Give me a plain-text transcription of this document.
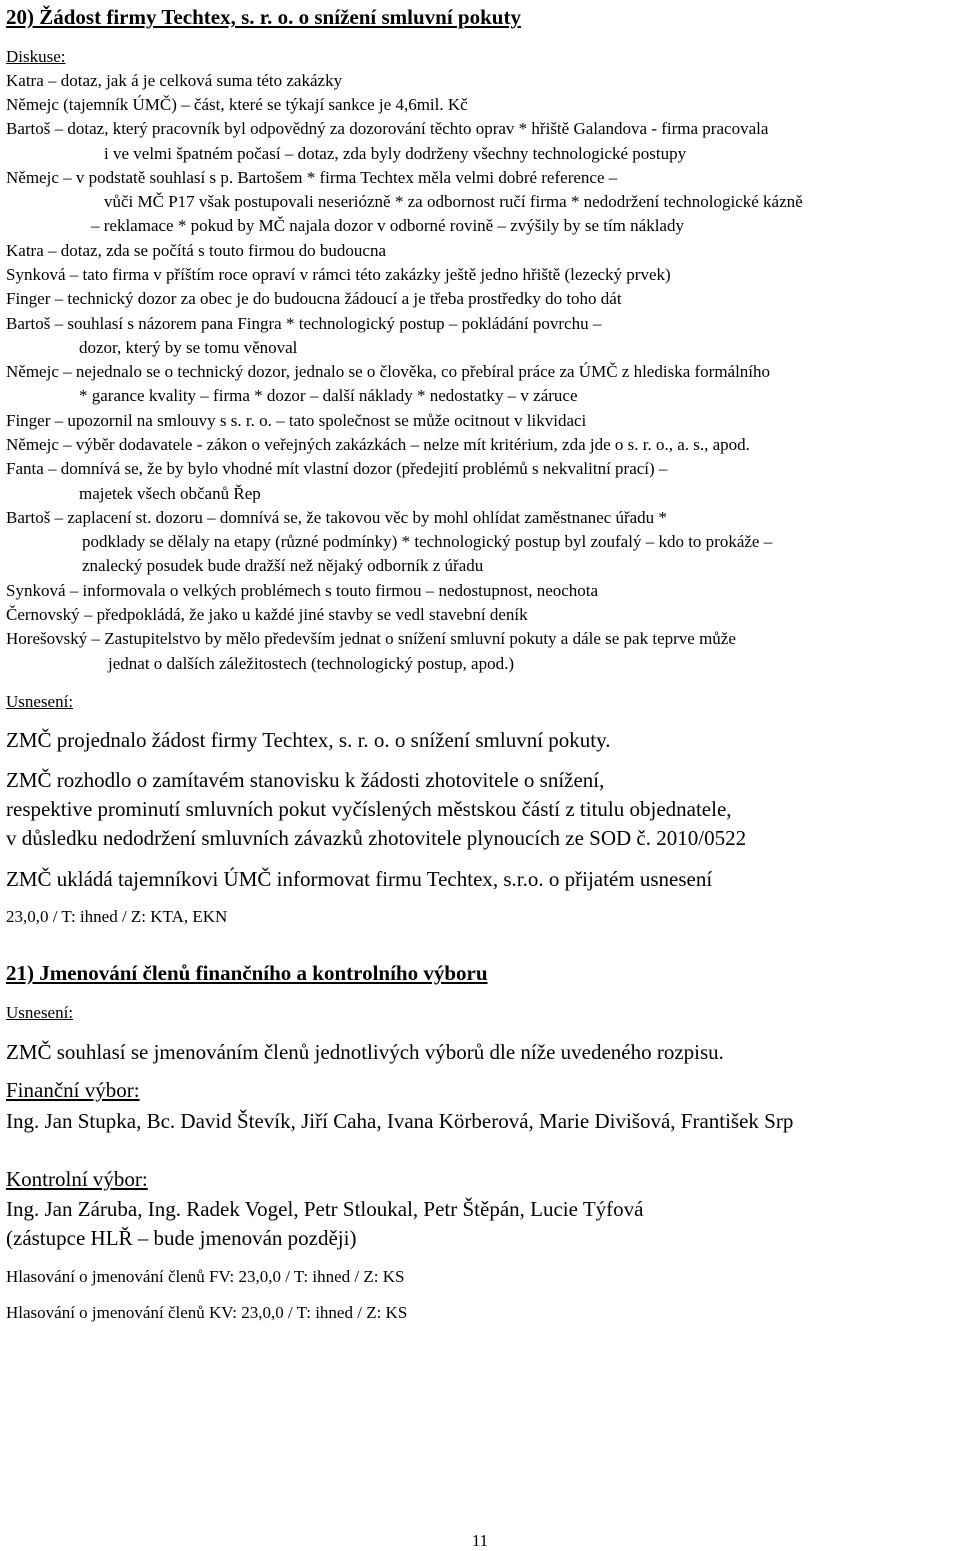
20) Žádost firmy Techtex, s. r. o. o snížení smluvní pokuty
Diskuse:
Katra – dotaz, jak á je celková suma této zakázky
Němejc (tajemník ÚMČ) – část, které se týkají sankce je 4,6mil. Kč
Bartoš – dotaz, který pracovník byl odpovědný za dozorování těchto oprav * hřiště Galandova - firma pracovala
i ve velmi špatném počasí – dotaz, zda byly dodrženy všechny technologické postupy
Němejc – v podstatě souhlasí s p. Bartošem * firma Techtex měla velmi dobré reference –
vůči MČ P17 však postupovali neseriózně * za odbornost ručí firma * nedodržení technologické kázně
– reklamace * pokud by MČ najala dozor v odborné rovině – zvýšily by se tím náklady
Katra – dotaz, zda se počítá s touto firmou do budoucna
Synková – tato firma v příštím roce opraví v rámci této zakázky ještě jedno hřiště (lezecký prvek)
Finger – technický dozor za obec je do budoucna žádoucí a je třeba prostředky do toho dát
Bartoš – souhlasí s názorem pana Fingra * technologický postup – pokládání povrchu –
dozor, který by se tomu věnoval
Němejc – nejednalo se o technický dozor, jednalo se o člověka, co přebíral práce za ÚMČ z hlediska formálního
* garance kvality – firma * dozor – další náklady * nedostatky – v záruce
Finger – upozornil na smlouvy s s. r. o. – tato společnost se může ocitnout v likvidaci
Němejc – výběr dodavatele - zákon o veřejných zakázkách – nelze mít kritérium, zda jde o s. r. o., a. s., apod.
Fanta – domnívá se, že by bylo vhodné mít vlastní dozor (předejití problémů s nekvalitní prací) –
majetek všech občanů Řep
Bartoš – zaplacení st. dozoru – domnívá se, že takovou věc by mohl ohlídat zaměstnanec úřadu *
podklady se dělaly na etapy (různé podmínky) * technologický postup byl zoufalý – kdo to prokáže –
znalecký posudek bude dražší než nějaký odborník z úřadu
Synková – informovala o velkých problémech s touto firmou – nedostupnost, neochota
Černovský – předpokládá, že jako u každé jiné stavby se vedl stavební deník
Horešovský – Zastupitelstvo by mělo především jednat o snížení smluvní pokuty a dále se pak teprve může
jednat o dalších záležitostech (technologický postup, apod.)
Usnesení:
ZMČ projednalo žádost firmy Techtex, s. r. o. o snížení smluvní pokuty.
ZMČ rozhodlo o zamítavém stanovisku k žádosti zhotovitele o snížení,
respektive prominutí smluvních pokut vyčíslených městskou částí z titulu objednatele,
v důsledku nedodržení smluvních závazků zhotovitele plynoucích ze SOD č. 2010/0522
ZMČ ukládá tajemníkovi ÚMČ informovat firmu Techtex, s.r.o. o přijatém usnesení
23,0,0 / T: ihned / Z: KTA, EKN
21) Jmenování členů finančního a kontrolního výboru
Usnesení:
ZMČ souhlasí se jmenováním členů jednotlivých výborů dle níže uvedeného rozpisu.
Finanční výbor:
Ing. Jan Stupka, Bc. David Števík, Jiří Caha, Ivana Körberová, Marie Divišová, František Srp
Kontrolní výbor:
Ing. Jan Záruba, Ing. Radek Vogel, Petr Stloukal, Petr Štěpán, Lucie Týfová
(zástupce HLŘ – bude jmenován později)
Hlasování o jmenování členů FV: 23,0,0 / T: ihned / Z: KS
Hlasování o jmenování členů KV: 23,0,0 / T: ihned / Z: KS
11
